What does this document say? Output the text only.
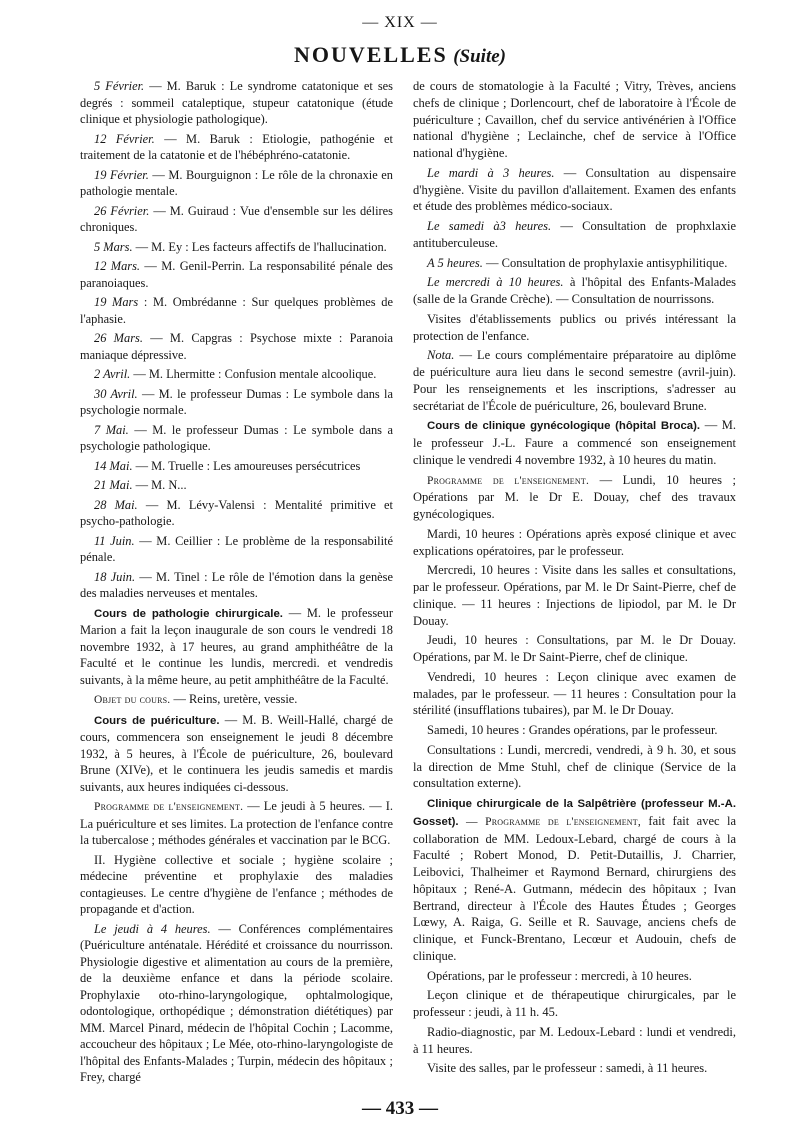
— XIX —
NOUVELLES (Suite)

5 Février. — M. Baruk : Le syndrome catatonique et ses degrés : sommeil cataleptique, stupeur catatonique (étude clinique et physiologie pathologique).

12 Février. — M. Baruk : Etiologie, pathogénie et traitement de la catatonie et de l'hébéphréno-catatonie.

19 Février. — M. Bourguignon : Le rôle de la chronaxie en pathologie mentale.

26 Février. — M. Guiraud : Vue d'ensemble sur les délires chroniques.

5 Mars. — M. Ey : Les facteurs affectifs de l'hallucination.

12 Mars. — M. Genil-Perrin. La responsabilité pénale des paranoiaques.

19 Mars : M. Ombrédanne : Sur quelques problèmes de l'aphasie.

26 Mars. — M. Capgras : Psychose mixte : Paranoia maniaque dépressive.

2 Avril. — M. Lhermitte : Confusion mentale alcoolique.

30 Avril. — M. le professeur Dumas : Le symbole dans la psychologie normale.

7 Mai. — M. le professeur Dumas : Le symbole dans a psychologie pathologique.

14 Mai. — M. Truelle : Les amoureuses persécutrices

21 Mai. — M. N...

28 Mai. — M. Lévy-Valensi : Mentalité primitive et psycho-pathologie.

11 Juin. — M. Ceillier : Le problème de la responsabilité pénale.

18 Juin. — M. Tinel : Le rôle de l'émotion dans la genèse des maladies nerveuses et mentales.

Cours de pathologie chirurgicale. — M. le professeur Marion a fait la leçon inaugurale de son cours le vendredi 18 novembre 1932, à 17 heures, au grand amphithéâtre de la Faculté et le continue les lundis, mercredi. et vendredis suivants, à la même heure, au petit amphithéâtre de la Faculté.

Objet du cours. — Reins, uretère, vessie.

Cours de puériculture. — M. B. Weill-Hallé, chargé de cours, commencera son enseignement le jeudi 8 décembre 1932, à 5 heures, à l'École de puériculture, 26, boulevard Brune (XIVe), et le continuera les jeudis samedis et mardis suivants, aux heures indiquées ci-dessous.

Programme de l'enseignement. — Le jeudi à 5 heures. — I. La puériculture et ses limites. La protection de l'enfance contre la tubercalose ; méthodes générales et vaccination par le BCG.

II. Hygiène collective et sociale ; hygiène scolaire ; médecine préventine et prophylaxie des maladies contagieuses. Le centre d'hygiène de l'enfance ; méthodes de propagande et d'action.

Le jeudi à 4 heures. — Conférences complémentaires (Puériculture anténatale. Hérédité et croissance du nourrisson. Physiologie digestive et alimentation au cours de la première, de la deuxième enfance et dans la période scolaire. Prophylaxie oto-rhino-laryngologique, ophtalmologique, odontologique, orthopédique ; démonstration diététiques) par MM. Marcel Pinard, médecin de l'hôpital Cochin ; Lacomme, accoucheur des hôpitaux ; Le Mée, oto-rhino-laryngologiste de l'hôpital des Enfants-Malades ; Turpin, médecin des hôpitaux ; Frey, chargé

de cours de stomatologie à la Faculté ; Vitry, Trèves, anciens chefs de clinique ; Dorlencourt, chef de laboratoire à l'École de puériculture ; Cavaillon, chef du service antivénérien à l'Office national d'hygiène ; Leclainche, chef de service à l'Office national d'hygiène.

Le mardi à 3 heures. — Consultation au dispensaire d'hygiène. Visite du pavillon d'allaitement. Examen des enfants et étude des problèmes médico-sociaux.

Le samedi à3 heures. — Consultation de prophxlaxie antituberculeuse.

A 5 heures. — Consultation de prophylaxie antisyphilitique.

Le mercredi à 10 heures. à l'hôpital des Enfants-Malades (salle de la Grande Crèche). — Consultation de nourrissons.

Visites d'établissements publics ou privés intéressant la protection de l'enfance.

Nota. — Le cours complémentaire préparatoire au diplôme de puériculture aura lieu dans le second semestre (avril-juin). Pour les renseignements et les inscriptions, s'adresser au secrétariat de l'École de puériculture, 26, boulevard Brune.

Cours de clinique gynécologique (hôpital Broca). — M. le professeur J.-L. Faure a commencé son enseignement clinique le vendredi 4 novembre 1932, à 10 heures du matin.

Programme de l'enseignement. — Lundi, 10 heures ; Opérations par M. le Dr E. Douay, chef des travaux gynécologiques.

Mardi, 10 heures : Opérations après exposé clinique et avec explications opératoires, par le professeur.

Mercredi, 10 heures : Visite dans les salles et consultations, par le professeur. Opérations, par M. le Dr Saint-Pierre, chef de clinique. — 11 heures : Injections de lipiodol, par M. le Dr Douay.

Jeudi, 10 heures : Consultations, par M. le Dr Douay. Opérations, par M. le Dr Saint-Pierre, chef de clinique.

Vendredi, 10 heures : Leçon clinique avec examen de malades, par le professeur. — 11 heures : Consultation pour la stérilité (insufflations tubaires), par M. le Dr Douay.

Samedi, 10 heures : Grandes opérations, par le professeur.

Consultations : Lundi, mercredi, vendredi, à 9 h. 30, et sous la direction de Mme Stuhl, chef de clinique (Service de la consultation externe).

Clinique chirurgicale de la Salpêtrière (professeur M.-A. Gosset). — Programme de l'enseignement, fait fait avec la collaboration de MM. Ledoux-Lebard, chargé de cours à la Faculté ; Robert Monod, D. Petit-Dutaillis, J. Charrier, Leibovici, Thalheimer et Raymond Bernard, chirurgiens des hôpitaux ; René-A. Gutmann, médecin des hôpitaux ; Ivan Bertrand, directeur à l'École des Hautes Études ; Georges Lœwy, A. Raiga, G. Seille et R. Sauvage, anciens chefs de clinique, et Funck-Brentano, Lecœur et Audouin, chefs de clinique.

Opérations, par le professeur : mercredi, à 10 heures.

Leçon clinique et de thérapeutique chirurgicales, par le professeur : jeudi, à 11 h. 45.

Radio-diagnostic, par M. Ledoux-Lebard : lundi et vendredi, à 11 heures.

Visite des salles, par le professeur : samedi, à 11 heures.

— 433 —
